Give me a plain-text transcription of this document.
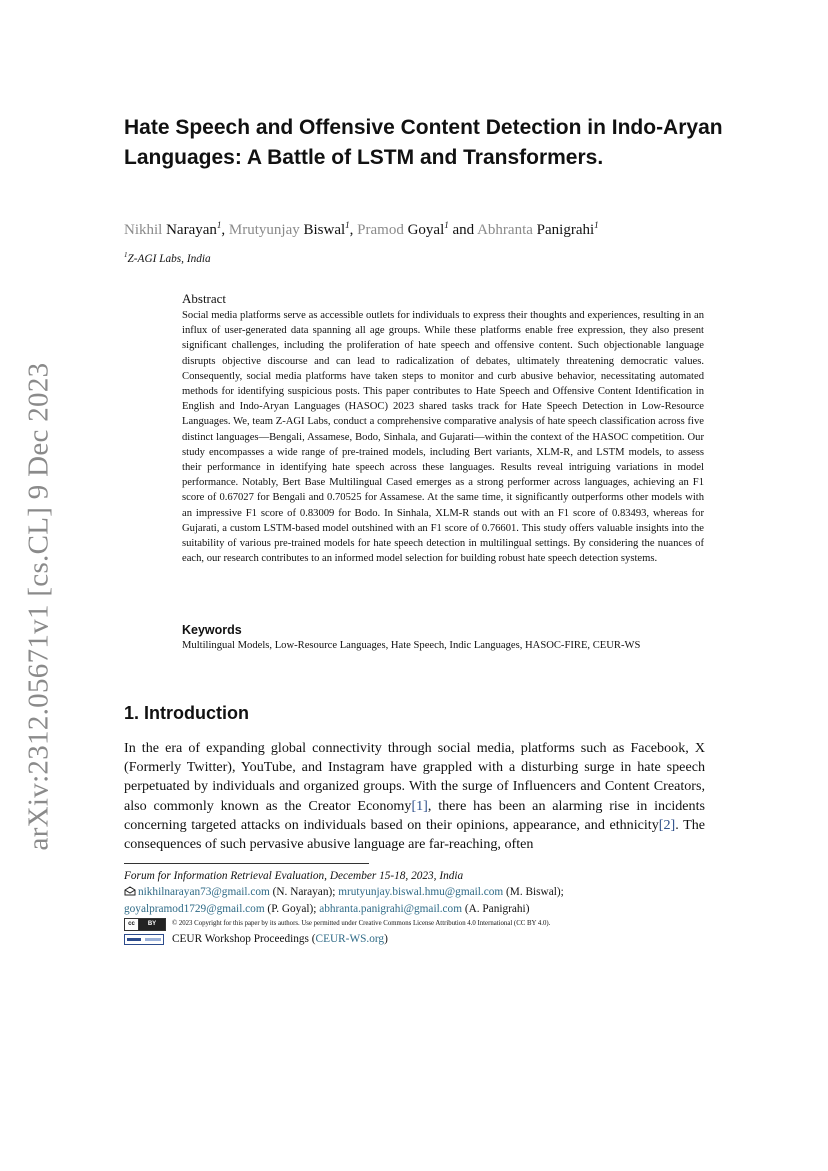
arXiv:2312.05671v1 [cs.CL] 9 Dec 2023
Hate Speech and Offensive Content Detection in Indo-Aryan Languages: A Battle of LSTM and Transformers.
Nikhil Narayan$^1$, Mrutyunjay Biswal$^1$, Pramod Goyal$^1$ and Abhranta Panigrahi$^1$
$^1$Z-AGI Labs, India
Abstract

Social media platforms serve as accessible outlets for individuals to express their thoughts and experiences, resulting in an influx of user-generated data spanning all age groups. While these platforms enable free expression, they also present significant challenges, including the proliferation of hate speech and offensive content. Such objectionable language disrupts objective discourse and can lead to radicalization of debates, ultimately threatening democratic values. Consequently, social media platforms have taken steps to monitor and curb abusive behavior, necessitating automated methods for identifying suspicious posts. This paper contributes to Hate Speech and Offensive Content Identification in English and Indo-Aryan Languages (HASOC) 2023 shared tasks track for Hate Speech Detection in Low-Resource Languages. We, team Z-AGI Labs, conduct a comprehensive comparative analysis of hate speech classification across five distinct languages—Bengali, Assamese, Bodo, Sinhala, and Gujarati—within the context of the HASOC competition. Our study encompasses a wide range of pre-trained models, including Bert variants, XLM-R, and LSTM models, to assess their performance in identifying hate speech across these languages. Results reveal intriguing variations in model performance. Notably, Bert Base Multilingual Cased emerges as a strong performer across languages, achieving an F1 score of 0.67027 for Bengali and 0.70525 for Assamese. At the same time, it significantly outperforms other models with an impressive F1 score of 0.83009 for Bodo. In Sinhala, XLM-R stands out with an F1 score of 0.83493, whereas for Gujarati, a custom LSTM-based model outshined with an F1 score of 0.76601. This study offers valuable insights into the suitability of various pre-trained models for hate speech detection in multilingual settings. By considering the nuances of each, our research contributes to an informed model selection for building robust hate speech detection systems.

Keywords

Multilingual Models, Low-Resource Languages, Hate Speech, Indic Languages, HASOC-FIRE, CEUR-WS

1. Introduction

In the era of expanding global connectivity through social media, platforms such as Facebook, X (Formerly Twitter), YouTube, and Instagram have grappled with a disturbing surge in hate speech perpetuated by individuals and organized groups. With the surge of Influencers and Content Creators, also commonly known as the Creator Economy[1], there has been an alarming rise in incidents concerning targeted attacks on individuals based on their opinions, appearance, and ethnicity[2]. The consequences of such pervasive abusive language are far-reaching, often

Forum for Information Retrieval Evaluation, December 15-18, 2023, India
nikhilnarayan73@gmail.com (N. Narayan); mrutyunjay.biswal.hmu@gmail.com (M. Biswal);
goyalpramod1729@gmail.com (P. Goyal); abhranta.panigrahi@gmail.com (A. Panigrahi)
cc	BY	© 2023 Copyright for this paper by its authors. Use permitted under Creative Commons License Attribution 4.0 International (CC BY 4.0).
CEUR Workshop Proceedings ( CEUR-WS.org )
